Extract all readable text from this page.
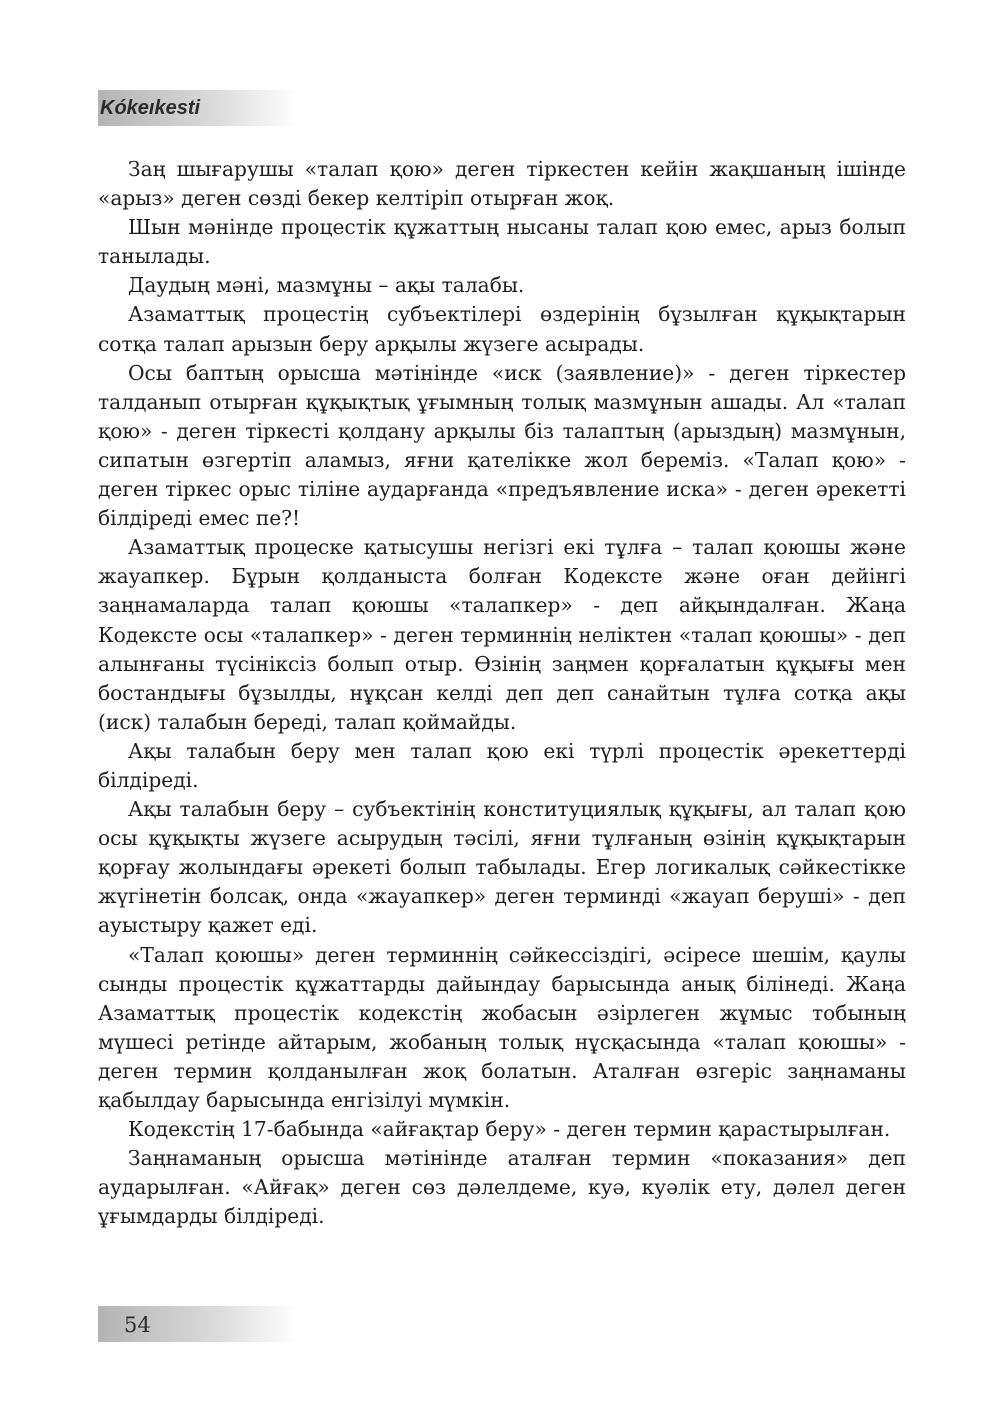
Kókeıkesti

Заң шығарушы «талап қою» деген тіркестен кейін жақшаның ішінде «арыз» деген сөзді бекер келтіріп отырған жоқ.

Шын мәнінде процестік құжаттың нысаны талап қою емес, арыз болып танылады.

Даудың мәні, мазмұны – ақы талабы.

Азаматтық процестің субъектілері өздерінің бұзылған құқықтарын сотқа талап арызын беру арқылы жүзеге асырады.

Осы баптың орысша мәтінінде «иск (заявление)» - деген тіркестер талданып отырған құқықтық ұғымның толық мазмұнын ашады. Ал «талап қою» - деген тіркесті қолдану арқылы біз талаптың (арыздың) мазмұнын, сипатын өзгертіп аламыз, яғни қателікке жол береміз. «Талап қою» - деген тіркес орыс тіліне аударғанда «предъявление иска» - деген әрекетті білдіреді емес пе?!

Азаматтық процеске қатысушы негізгі екі тұлға – талап қоюшы және жауапкер. Бұрын қолданыста болған Кодексте және оған дейінгі заңнамаларда талап қоюшы «талапкер» - деп айқындалған. Жаңа Кодексте осы «талапкер» - деген терминнің неліктен «талап қоюшы» - деп алынғаны түсініксіз болып отыр. Өзінің заңмен қорғалатын құқығы мен бостандығы бұзылды, нұқсан келді деп деп санайтын тұлға сотқа ақы (иск) талабын береді, талап қоймайды.

Ақы талабын беру мен талап қою екі түрлі процестік әрекеттерді білдіреді.

Ақы талабын беру – субъектінің конституциялық құқығы, ал талап қою осы құқықты жүзеге асырудың тәсілі, яғни тұлғаның өзінің құқықтарын қорғау жолындағы әрекеті болып табылады. Егер логикалық сәйкестікке жүгінетін болсақ, онда «жауапкер» деген терминді «жауап беруші» - деп ауыстыру қажет еді.

«Талап қоюшы» деген терминнің сәйкессіздігі, әсіресе шешім, қаулы сынды процестік құжаттарды дайындау барысында анық білінеді. Жаңа Азаматтық процестік кодекстің жобасын әзірлеген жұмыс тобының мүшесі ретінде айтарым, жобаның толық нұсқасында «талап қоюшы» - деген термин қолданылған жоқ болатын. Аталған өзгеріс заңнаманы қабылдау барысында енгізілуі мүмкін.

Кодекстің 17-бабында «айғақтар беру» - деген термин қарастырылған.

Заңнаманың орысша мәтінінде аталған термин «показания» деп аударылған. «Айғақ» деген сөз дәлелдеме, куә, куәлік ету, дәлел деген ұғымдарды білдіреді.

54
